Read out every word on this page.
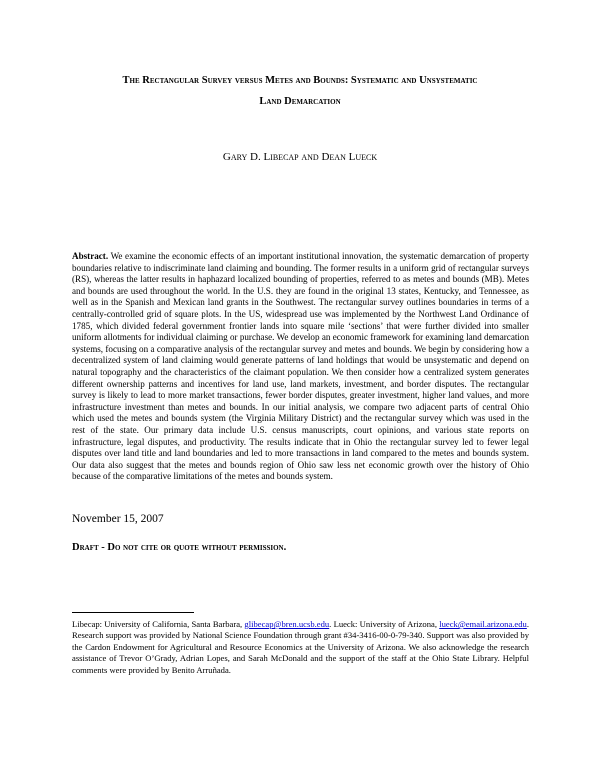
The Rectangular Survey versus Metes and Bounds: Systematic and Unsystematic
Land Demarcation
Gary D. Libecap and Dean Lueck

Abstract. We examine the economic effects of an important institutional innovation, the systematic demarcation of property boundaries relative to indiscriminate land claiming and bounding. The former results in a uniform grid of rectangular surveys (RS), whereas the latter results in haphazard localized bounding of properties, referred to as metes and bounds (MB). Metes and bounds are used throughout the world. In the U.S. they are found in the original 13 states, Kentucky, and Tennessee, as well as in the Spanish and Mexican land grants in the Southwest. The rectangular survey outlines boundaries in terms of a centrally-controlled grid of square plots. In the US, widespread use was implemented by the Northwest Land Ordinance of 1785, which divided federal government frontier lands into square mile ‘sections’ that were further divided into smaller uniform allotments for individual claiming or purchase. We develop an economic framework for examining land demarcation systems, focusing on a comparative analysis of the rectangular survey and metes and bounds. We begin by considering how a decentralized system of land claiming would generate patterns of land holdings that would be unsystematic and depend on natural topography and the characteristics of the claimant population. We then consider how a centralized system generates different ownership patterns and incentives for land use, land markets, investment, and border disputes. The rectangular survey is likely to lead to more market transactions, fewer border disputes, greater investment, higher land values, and more infrastructure investment than metes and bounds. In our initial analysis, we compare two adjacent parts of central Ohio which used the metes and bounds system (the Virginia Military District) and the rectangular survey which was used in the rest of the state. Our primary data include U.S. census manuscripts, court opinions, and various state reports on infrastructure, legal disputes, and productivity. The results indicate that in Ohio the rectangular survey led to fewer legal disputes over land title and land boundaries and led to more transactions in land compared to the metes and bounds system. Our data also suggest that the metes and bounds region of Ohio saw less net economic growth over the history of Ohio because of the comparative limitations of the metes and bounds system.

November 15, 2007
Draft - Do not cite or quote without permission.

Libecap: University of California, Santa Barbara, glibecap@bren.ucsb.edu. Lueck: University of Arizona, lueck@email.arizona.edu. Research support was provided by National Science Foundation through grant #34-3416-00-0-79-340. Support was also provided by the Cardon Endowment for Agricultural and Resource Economics at the University of Arizona. We also acknowledge the research assistance of Trevor O’Grady, Adrian Lopes, and Sarah McDonald and the support of the staff at the Ohio State Library. Helpful comments were provided by Benito Arruñada.
